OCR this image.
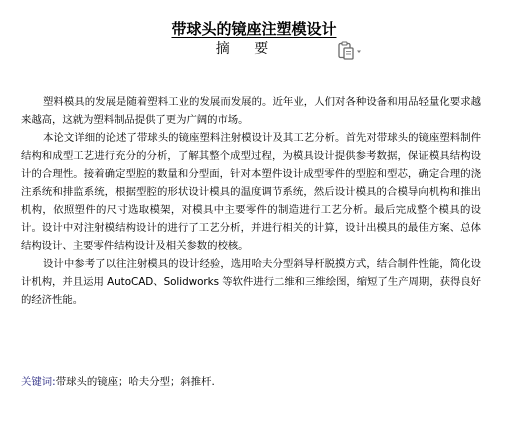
带球头的镜座注塑模设计
摘 要

塑料模具的发展是随着塑料工业的发展而发展的。近年业，人们对各种设备和用品轻量化要求越来越高，这就为塑料制品提供了更为广阔的市场。

本论文详细的论述了带球头的镜座塑料注射模设计及其工艺分析。首先对带球头的镜座塑料制件结构和成型工艺进行充分的分析，了解其整个成型过程，为模具设计提供参考数据，保证模具结构设计的合理性。接着确定型腔的数量和分型面，针对本塑件设计成型零件的型腔和型芯，确定合理的浇注系统和排监系统，根据型腔的形状设计模具的温度调节系统，然后设计模具的合模导向机构和推出机构，依照塑件的尺寸选取模架，对模具中主要零件的制造进行工艺分析。最后完成整个模具的设计。设计中对注射模结构设计的进行了工艺分析，并进行相关的计算，设计出模具的最佳方案、总体结构设计、主要零件结构设计及相关参数的校核。

设计中参考了以往注射模具的设计经验，选用哈夫分型斜导杆脱摸方式，结合制件性能，简化设计机构，并且运用 AutoCAD、Solidworks 等软件进行二维和三维绘图，缩短了生产周期，获得良好的经济性能。

关键词:带球头的镜座；哈夫分型；斜推杆.
